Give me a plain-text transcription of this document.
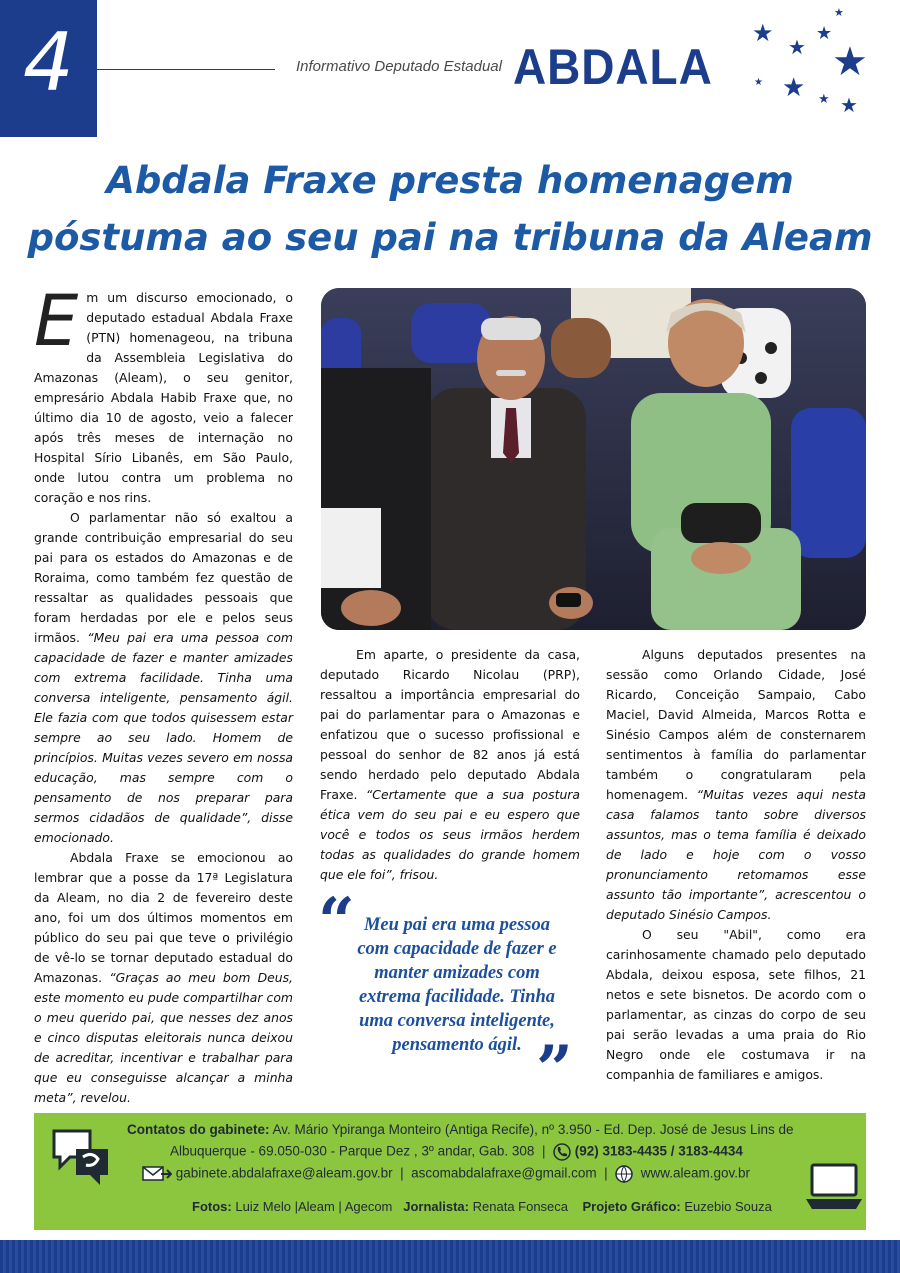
4	Informativo Deputado Estadual ABDALA
★
★
★
★
★
★ ★ ★ ★
Abdala Fraxe presta homenagem
póstuma ao seu pai na tribuna da Aleam

Em um discurso emocionado, o deputado estadual Abdala Fraxe (PTN) homenageou, na tribuna da Assembleia Legislativa do Amazonas (Aleam), o seu genitor, empresário Abdala Habib Fraxe que, no último dia 10 de agosto, veio a falecer após três meses de internação no Hospital Sírio Libanês, em São Paulo, onde lutou contra um problema no coração e nos rins.

O parlamentar não só exaltou a grande contribuição empresarial do seu pai para os estados do Amazonas e de Roraima, como também fez questão de ressaltar as qualidades pessoais que foram herdadas por ele e pelos seus irmãos. “Meu pai era uma pessoa com capacidade de fazer e manter amizades com extrema facilidade. Tinha uma conversa inteligente, pensamento ágil. Ele fazia com que todos quisessem estar sempre ao seu lado. Homem de princípios. Muitas vezes severo em nossa educação, mas sempre com o pensamento de nos preparar para sermos cidadãos de qualidade”, disse emocionado.

Abdala Fraxe se emocionou ao lembrar que a posse da 17ª Legislatura da Aleam, no dia 2 de fevereiro deste ano, foi um dos últimos momentos em público do seu pai que teve o privilégio de vê-lo se tornar deputado estadual do Amazonas. “Graças ao meu bom Deus, este momento eu pude compartilhar com o meu querido pai, que nesses dez anos e cinco disputas eleitorais nunca deixou de acreditar, incentivar e trabalhar para que eu conseguisse alcançar a minha meta”, revelou.

Em aparte, o presidente da casa, deputado Ricardo Nicolau (PRP), ressaltou a importância empresarial do pai do parlamentar para o Amazonas e enfatizou que o sucesso profissional e pessoal do senhor de 82 anos já está sendo herdado pelo deputado Abdala Fraxe. “Certamente que a sua postura ética vem do seu pai e eu espero que você e todos os seus irmãos herdem todas as qualidades do grande homem que ele foi”, frisou.

“ Meu pai era uma pessoa com capacidade de fazer e manter amizades com extrema facilidade. Tinha uma conversa inteligente, pensamento ágil. ”

Alguns deputados presentes na sessão como Orlando Cidade, José Ricardo, Conceição Sampaio, Cabo Maciel, David Almeida, Marcos Rotta e Sinésio Campos além de consternarem sentimentos à família do parlamentar também o congratularam pela homenagem. “Muitas vezes aqui nesta casa falamos tanto sobre diversos assuntos, mas o tema família é deixado de lado e hoje com o vosso pronunciamento retomamos esse assunto tão importante”, acrescentou o deputado Sinésio Campos.

O seu "Abil", como era carinhosamente chamado pelo deputado Abdala, deixou esposa, sete filhos, 21 netos e sete bisnetos. De acordo com o parlamentar, as cinzas do corpo de seu pai serão levadas a uma praia do Rio Negro onde ele costumava ir na companhia de familiares e amigos.

Contatos do gabinete: Av. Mário Ypiranga Monteiro (Antiga Recife), nº 3.950 - Ed. Dep. José de Jesus Lins de
Albuquerque - 69.050-030 - Parque Dez , 3º andar, Gab. 308  |   (92) 3183-4435 / 3183-4434
gabinete.abdalafraxe@aleam.gov.br  |  ascomabdalafraxe@gmail.com  |    www.aleam.gov.br
Fotos: Luiz Melo |Aleam | Agecom Jornalista: Renata Fonseca Projeto Gráfico: Euzebio Souza
